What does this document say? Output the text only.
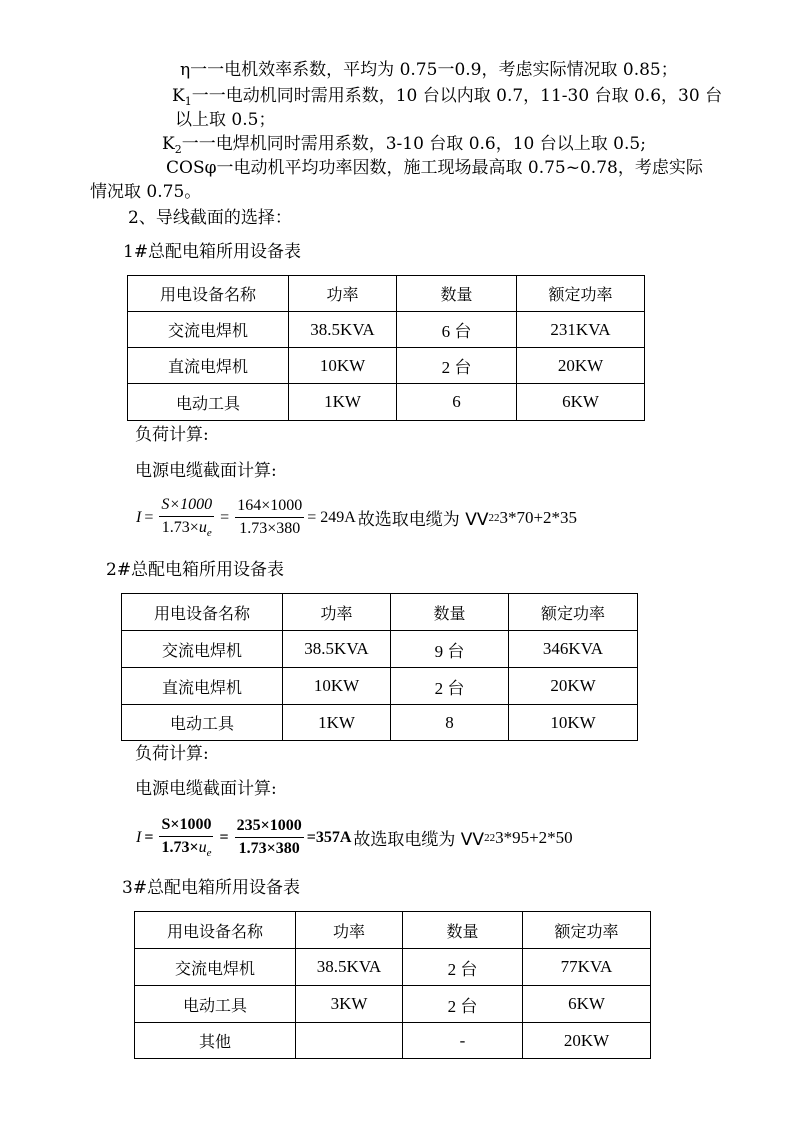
η一一电机效率系数，平均为 0.75一0.9，考虑实际情况取 0.85；
$K_1$一一电动机同时需用系数，10 台以内取 0.7，11-30 台取 0.6，30 台
以上取 0.5；
$K_2$一一电焊机同时需用系数，3-10 台取 0.6，10 台以上取 0.5;
COSφ一电动机平均功率因数，施工现场最高取 0.75~0.78，考虑实际
情况取 0.75。
2、导线截面的选择：
1#总配电箱所用设备表
用电设备名称	功率	数量	额定功率
交流电焊机	38.5KVA	6 台	231KVA
直流电焊机	10KW	2 台	20KW
电动工具	1KW	6	6KW
负荷计算:
电源电缆截面计算:
$I = \frac{S\times 1000}{1.73\times u_e} = \frac{164\times 1000}{1.73\times 380} = 249A$ 故选取电缆为 VV 22 3*70+2*35
2#总配电箱所用设备表
用电设备名称	功率	数量	额定功率
交流电焊机	38.5KVA	9 台	346KVA
直流电焊机	10KW	2 台	20KW
电动工具	1KW	8	10KW
负荷计算:
电源电缆截面计算:
$I = \frac{S\times 1000}{1.73\times u_e} = \frac{235\times 1000}{1.73\times 380} =357A$ 故选取电缆为 VV 22 3*95+2*50
3#总配电箱所用设备表
用电设备名称	功率	数量	额定功率
交流电焊机	38.5KVA	2 台	77KVA
电动工具	3KW	2 台	6KW
其他		-	20KW
